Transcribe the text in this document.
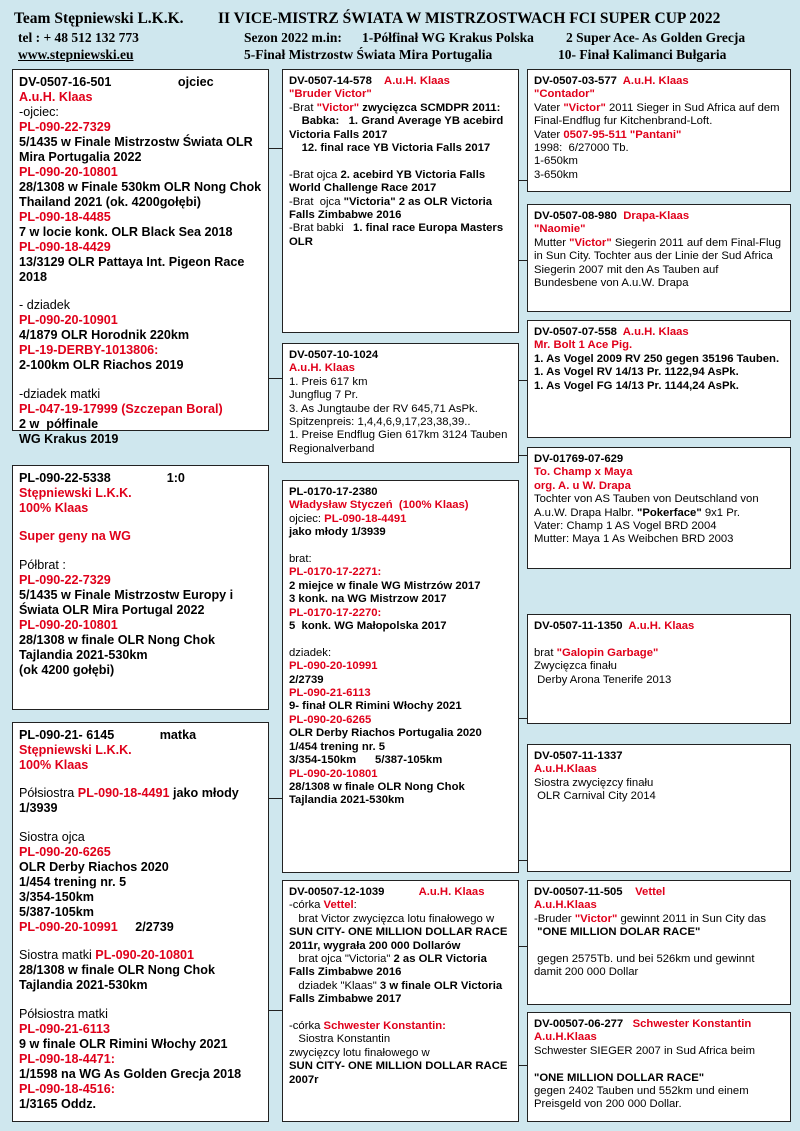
Team Stępniewski L.K.K. II VICE-MISTRZ ŚWIATA W MISTRZOSTWACH FCI SUPER CUP 2022
tel : + 48 512 132 773	Sezon 2022 m.in: 1-Półfinał WG Krakus Polska 2 Super Ace- As Golden Grecja
www.stepniewski.eu	5-Finał Mistrzostw Świata Mira Portugalia	10- Finał Kalimanci Bułgaria
DV-0507-16-501                   ojciec
A.u.H. Klaas
-ojciec:
PL-090-22-7329
5/1435 w Finale Mistrzostw Świata OLR Mira Portugalia 2022
PL-090-20-10801
28/1308 w Finale 530km OLR Nong Chok Thailand 2021 (ok. 4200gołębi)
PL-090-18-4485
7 w locie konk. OLR Black Sea 2018
PL-090-18-4429
13/3129 OLR Pattaya Int. Pigeon Race 2018
- dziadek
PL-090-20-10901
4/1879 OLR Horodnik 220km
PL-19-DERBY-1013806:
2-100km OLR Riachos 2019
-dziadek matki
PL-047-19-17999 (Szczepan Boral)
2 w  półfinale
WG Krakus 2019
PL-090-22-5338                1:0
Stępniewski L.K.K.
100% Klaas
Super geny na WG
Półbrat :
PL-090-22-7329
5/1435 w Finale Mistrzostw Europy i Świata OLR Mira Portugal 2022
PL-090-20-10801
28/1308 w finale OLR Nong Chok Tajlandia 2021-530km
(ok 4200 gołębi)
PL-090-21- 6145             matka
Stępniewski L.K.K.
100% Klaas
Półsiostra PL-090-18-4491 jako młody
1/3939
Siostra ojca
PL-090-20-6265
OLR Derby Riachos 2020
1/454 trening nr. 5
3/354-150km
5/387-105km
PL-090-20-10991     2/2739
Siostra matki PL-090-20-10801
28/1308 w finale OLR Nong Chok Tajlandia 2021-530km
Półsiostra matki
PL-090-21-6113
9 w finale OLR Rimini Włochy 2021
PL-090-18-4471:
1/1598 na WG As Golden Grecja 2018
PL-090-18-4516:
1/3165 Oddz.
DV-0507-14-578    A.u.H. Klaas
"Bruder Victor"
-Brat "Victor" zwycięzca SCMDPR 2011:
Babka:   1. Grand Average YB acebird Victoria Falls 2017
12. final race YB Victoria Falls 2017
-Brat ojca 2. acebird YB Victoria Falls World Challenge Race 2017
-Brat  ojca "Victoria" 2 as OLR Victoria Falls Zimbabwe 2016
-Brat babki   1. final race Europa Masters OLR
DV-0507-10-1024
A.u.H. Klaas
1. Preis 617 km
Jungflug 7 Pr.
3. As Jungtaube der RV 645,71 AsPk.
Spitzenpreis: 1,4,4,6,9,17,23,38,39..
1. Preise Endflug Gien 617km 3124 Tauben Regionalverband
PL-0170-17-2380
Władysław Styczeń  (100% Klaas)
ojciec: PL-090-18-4491
jako młody 1/3939
brat:
PL-0170-17-2271:
2 miejce w finale WG Mistrzów 2017
3 konk. na WG Mistrzow 2017
PL-0170-17-2270:
5  konk. WG Małopolska 2017
dziadek:
PL-090-20-10991
2/2739
PL-090-21-6113
9- finał OLR Rimini Włochy 2021
PL-090-20-6265
OLR Derby Riachos Portugalia 2020
1/454 trening nr. 5
3/354-150km      5/387-105km
PL-090-20-10801
28/1308 w finale OLR Nong Chok Tajlandia 2021-530km
DV-00507-12-1039           A.u.H. Klaas
-córka Vettel:
brat Victor zwycięzca lotu finałowego w SUN CITY- ONE MILLION DOLLAR RACE 2011r, wygrała 200 000 Dollarów
brat ojca "Victoria" 2 as OLR Victoria Falls Zimbabwe 2016
dziadek "Klaas" 3 w finale OLR Victoria Falls Zimbabwe 2017
-córka Schwester Konstantin:
Siostra Konstantin
zwycięzcy lotu finałowego w
SUN CITY- ONE MILLION DOLLAR RACE 2007r
DV-0507-03-577  A.u.H. Klaas
"Contador"
Vater "Victor" 2011 Sieger in Sud Africa auf dem Final-Endflug fur Kitchenbrand-Loft.
Vater 0507-95-511 "Pantani"
1998:  6/27000 Tb.
1-650km
3-650km
DV-0507-08-980  Drapa-Klaas
"Naomie"
Mutter "Victor" Siegerin 2011 auf dem Final-Flug in Sun City. Tochter aus der Linie der Sud Africa Siegerin 2007 mit den As Tauben auf Bundesbene von A.u.W. Drapa
DV-0507-07-558  A.u.H. Klaas
Mr. Bolt 1 Ace Pig.
1. As Vogel 2009 RV 250 gegen 35196 Tauben.
1. As Vogel RV 14/13 Pr. 1122,94 AsPk.
1. As Vogel FG 14/13 Pr. 1144,24 AsPk.
DV-01769-07-629
To. Champ x Maya
org. A. u W. Drapa
Tochter von AS Tauben von Deutschland von A.u.W. Drapa Halbr. "Pokerface" 9x1 Pr.
Vater: Champ 1 AS Vogel BRD 2004
Mutter: Maya 1 As Weibchen BRD 2003
DV-0507-11-1350  A.u.H. Klaas
brat "Galopin Garbage"
Zwycięzca finału
Derby Arona Tenerife 2013
DV-0507-11-1337
A.u.H.Klaas
Siostra zwycięzcy finału
OLR Carnival City 2014
DV-00507-11-505    Vettel
A.u.H.Klaas
-Bruder "Victor" gewinnt 2011 in Sun City das
"ONE MILLION DOLAR RACE"
gegen 2575Tb. und bei 526km und gewinnt damit 200 000 Dollar
DV-00507-06-277   Schwester Konstantin
A.u.H.Klaas
Schwester SIEGER 2007 in Sud Africa beim
"ONE MILLION DOLLAR RACE"
gegen 2402 Tauben und 552km und einem Preisgeld von 200 000 Dollar.
